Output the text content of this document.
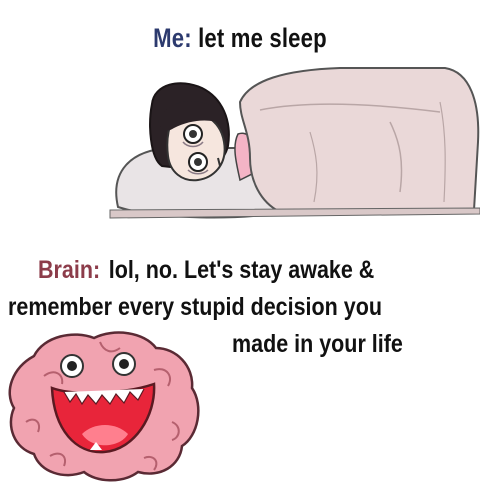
Me: let me sleep
Brain: lol, no. Let's stay awake &
remember every stupid decision you
made in your life
